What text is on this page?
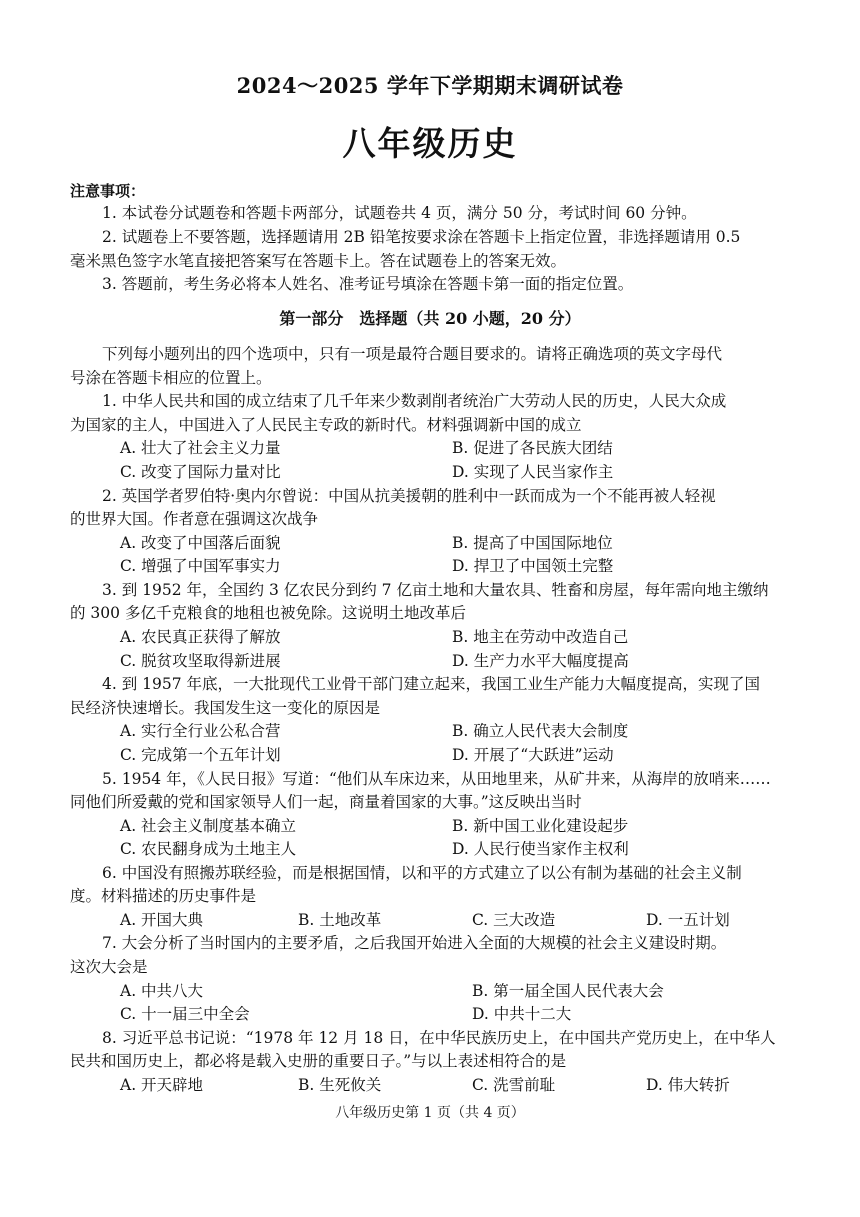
2024～2025 学年下学期期末调研试卷
八年级历史
注意事项：
1. 本试卷分试题卷和答题卡两部分，试题卷共 4 页，满分 50 分，考试时间 60 分钟。
2. 试题卷上不要答题，选择题请用 2B 铅笔按要求涂在答题卡上指定位置，非选择题请用 0.5
毫米黑色签字水笔直接把答案写在答题卡上。答在试题卷上的答案无效。
3. 答题前，考生务必将本人姓名、准考证号填涂在答题卡第一面的指定位置。
第一部分　选择题（共 20 小题，20 分）
下列每小题列出的四个选项中，只有一项是最符合题目要求的。请将正确选项的英文字母代
号涂在答题卡相应的位置上。
1. 中华人民共和国的成立结束了几千年来少数剥削者统治广大劳动人民的历史，人民大众成
为国家的主人，中国进入了人民民主专政的新时代。材料强调新中国的成立
A. 壮大了社会主义力量	B. 促进了各民族大团结
C. 改变了国际力量对比	D. 实现了人民当家作主
2. 英国学者罗伯特·奥内尔曾说：中国从抗美援朝的胜利中一跃而成为一个不能再被人轻视
的世界大国。作者意在强调这次战争
A. 改变了中国落后面貌	B. 提高了中国国际地位
C. 增强了中国军事实力	D. 捍卫了中国领土完整
3. 到 1952 年，全国约 3 亿农民分到约 7 亿亩土地和大量农具、牲畜和房屋，每年需向地主缴纳
的 300 多亿千克粮食的地租也被免除。这说明土地改革后
A. 农民真正获得了解放	B. 地主在劳动中改造自己
C. 脱贫攻坚取得新进展	D. 生产力水平大幅度提高
4. 到 1957 年底，一大批现代工业骨干部门建立起来，我国工业生产能力大幅度提高，实现了国
民经济快速增长。我国发生这一变化的原因是
A. 实行全行业公私合营	B. 确立人民代表大会制度
C. 完成第一个五年计划	D. 开展了“大跃进”运动
5. 1954 年，《人民日报》写道：“他们从车床边来，从田地里来，从矿井来，从海岸的放哨来……
同他们所爱戴的党和国家领导人们一起，商量着国家的大事。”这反映出当时
A. 社会主义制度基本确立	B. 新中国工业化建设起步
C. 农民翻身成为土地主人	D. 人民行使当家作主权利
6. 中国没有照搬苏联经验，而是根据国情，以和平的方式建立了以公有制为基础的社会主义制
度。材料描述的历史事件是
A. 开国大典	B. 土地改革	C. 三大改造	D. 一五计划
7. 大会分析了当时国内的主要矛盾，之后我国开始进入全面的大规模的社会主义建设时期。
这次大会是
A. 中共八大	B. 第一届全国人民代表大会
C. 十一届三中全会	D. 中共十二大
8. 习近平总书记说：“1978 年 12 月 18 日，在中华民族历史上，在中国共产党历史上，在中华人
民共和国历史上，都必将是载入史册的重要日子。”与以上表述相符合的是
A. 开天辟地	B. 生死攸关	C. 洗雪前耻	D. 伟大转折
八年级历史第 1 页（共 4 页）
